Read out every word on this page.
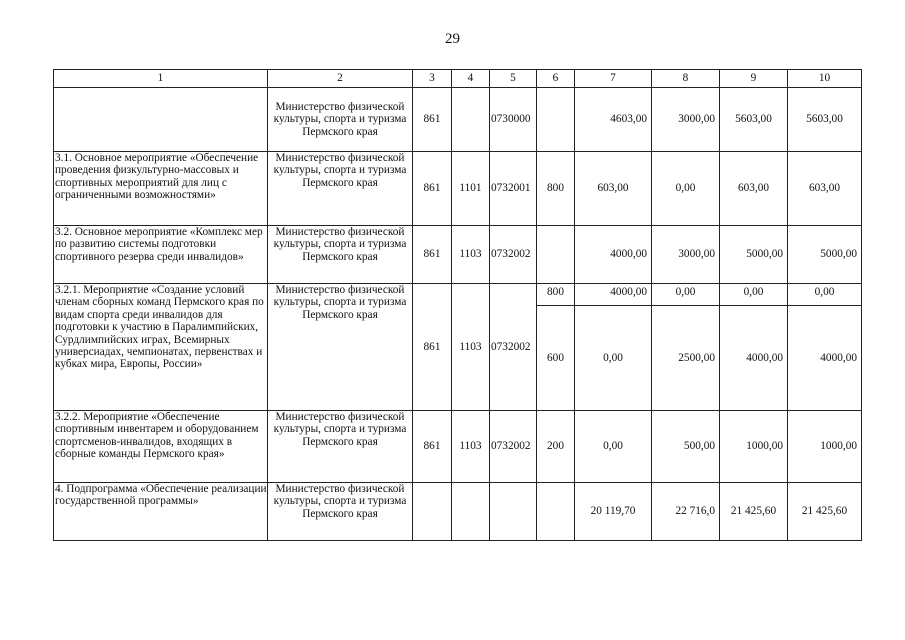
29
1	2	3	4	5	6	7	8	9	10
	Министерство физической культуры, спорта и туризма Пермского края	861		0730000		4603,00	3000,00	5603,00	5603,00
3.1. Основное мероприятие «Обеспечение проведения физкультурно-массовых и спортивных мероприятий для лиц с ограниченными возможностями»	Министерство физической культуры, спорта и туризма Пермского края	861	1101	0732001	800	603,00	0,00	603,00	603,00
3.2. Основное мероприятие «Комплекс мер по развитию системы подготовки спортивного резерва среди инвалидов»	Министерство физической культуры, спорта и туризма Пермского края	861	1103	0732002		4000,00	3000,00	5000,00	5000,00
3.2.1. Мероприятие «Создание условий членам сборных команд Пермского края по видам спорта среди инвалидов для подготовки к участию в Паралимпийских, Сурдлимпийских играх, Всемирных универсиадах, чемпионатах, первенствах и кубках мира, Европы, России»	Министерство физической культуры, спорта и туризма Пермского края	861	1103	0732002	800	4000,00	0,00	0,00	0,00
					600	0,00	2500,00	4000,00	4000,00
3.2.2. Мероприятие «Обеспечение спортивным инвентарем и оборудованием спортсменов-инвалидов, входящих в сборные команды Пермского края»	Министерство физической культуры, спорта и туризма Пермского края	861	1103	0732002	200	0,00	500,00	1000,00	1000,00
4. Подпрограмма «Обеспечение реализации государственной программы»	Министерство физической культуры, спорта и туризма Пермского края					20 119,70	22 716,0	21 425,60	21 425,60
